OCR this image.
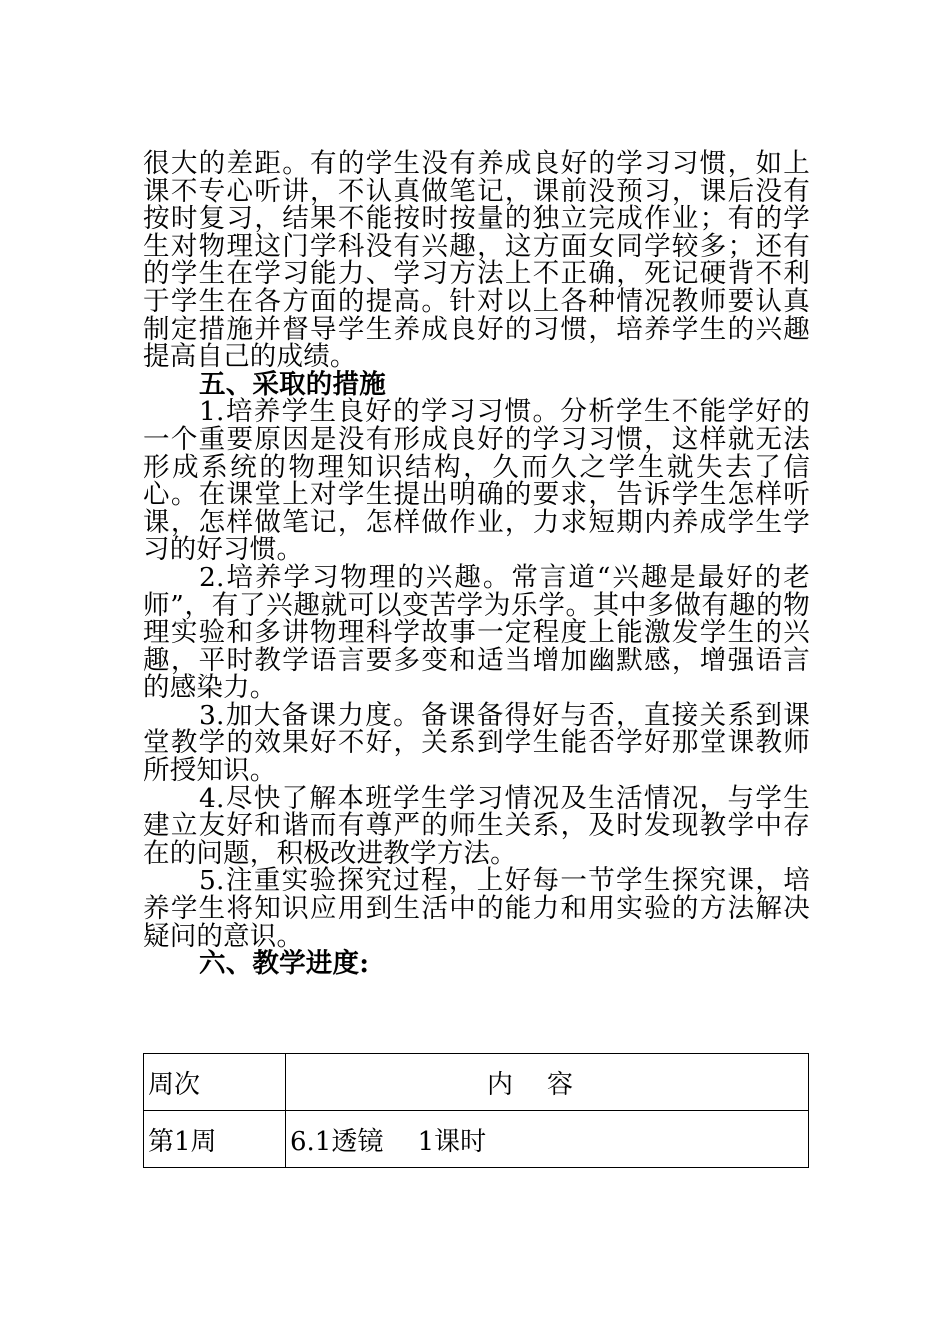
很大的差距。有的学生没有养成良好的学习习惯，如上课不专心听讲，不认真做笔记，课前没预习，课后没有按时复习，结果不能按时按量的独立完成作业；有的学生对物理这门学科没有兴趣，这方面女同学较多；还有的学生在学习能力、学习方法上不正确，死记硬背不利于学生在各方面的提高。针对以上各种情况教师要认真制定措施并督导学生养成良好的习惯，培养学生的兴趣提高自己的成绩。

五、采取的措施

1.培养学生良好的学习习惯。分析学生不能学好的一个重要原因是没有形成良好的学习习惯，这样就无法形成系统的物理知识结构，久而久之学生就失去了信心。在课堂上对学生提出明确的要求，告诉学生怎样听课，怎样做笔记，怎样做作业，力求短期内养成学生学习的好习惯。

2.培养学习物理的兴趣。常言道“兴趣是最好的老师”，有了兴趣就可以变苦学为乐学。其中多做有趣的物理实验和多讲物理科学故事一定程度上能激发学生的兴趣，平时教学语言要多变和适当增加幽默感，增强语言的感染力。

3.加大备课力度。备课备得好与否，直接关系到课堂教学的效果好不好，关系到学生能否学好那堂课教师所授知识。

4.尽快了解本班学生学习情况及生活情况，与学生建立友好和谐而有尊严的师生关系，及时发现教学中存在的问题，积极改进教学方法。

5.注重实验探究过程，上好每一节学生探究课，培养学生将知识应用到生活中的能力和用实验的方法解决疑问的意识。

六、教学进度:

周次	内容
第1周	6.1透镜　 1课时
